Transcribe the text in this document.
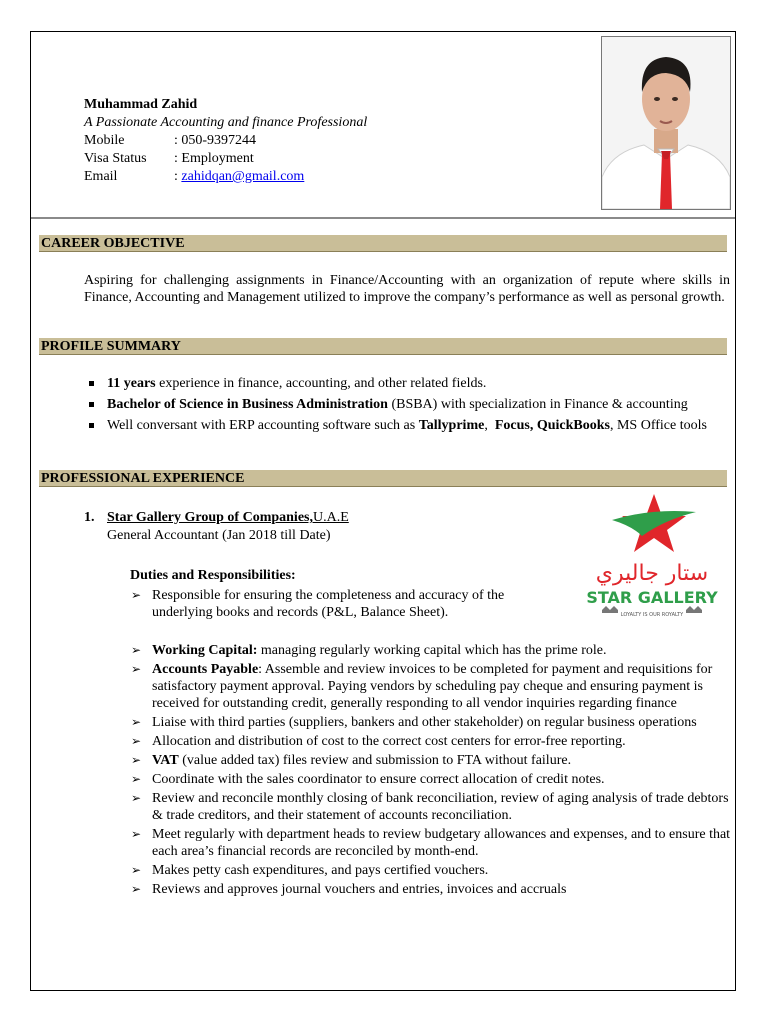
Muhammad Zahid
A Passionate Accounting and finance Professional
Mobile	: 050-9397244
Visa Status	: Employment
Email	: zahidqan@gmail.com
CAREER OBJECTIVE
Aspiring for challenging assignments in Finance/Accounting with an organization of repute where skills in Finance, Accounting and Management utilized to improve the company’s performance as well as personal growth.
PROFILE SUMMARY
11 years experience in finance, accounting, and other related fields.
Bachelor of Science in Business Administration (BSBA) with specialization in Finance & accounting
Well conversant with ERP accounting software such as Tallyprime,  Focus, QuickBooks, MS Office tools
PROFESSIONAL EXPERIENCE
1. Star Gallery Group of Companies,U.A.E
General Accountant (Jan 2018 till Date)
Duties and Responsibilities:
➢ Responsible for ensuring the completeness and accuracy of the underlying books and records (P&L, Balance Sheet).
➢ Working Capital: managing regularly working capital which has the prime role.
➢ Accounts Payable: Assemble and review invoices to be completed for payment and requisitions for satisfactory payment approval. Paying vendors by scheduling pay cheque and ensuring payment is received for outstanding credit, generally responding to all vendor inquiries regarding finance
➢ Liaise with third parties (suppliers, bankers and other stakeholder) on regular business operations
➢ Allocation and distribution of cost to the correct cost centers for error-free reporting.
➢ VAT (value added tax) files review and submission to FTA without failure.
➢ Coordinate with the sales coordinator to ensure correct allocation of credit notes.
➢ Review and reconcile monthly closing of bank reconciliation, review of aging analysis of trade debtors & trade creditors, and their statement of accounts reconciliation.
➢ Meet regularly with department heads to review budgetary allowances and expenses, and to ensure that each area’s financial records are reconciled by month-end.
➢ Makes petty cash expenditures, and pays certified vouchers.
➢ Reviews and approves journal vouchers and entries, invoices and accruals
ستار جاليري
STAR GALLERY
LOYALTY IS OUR ROYALTY
